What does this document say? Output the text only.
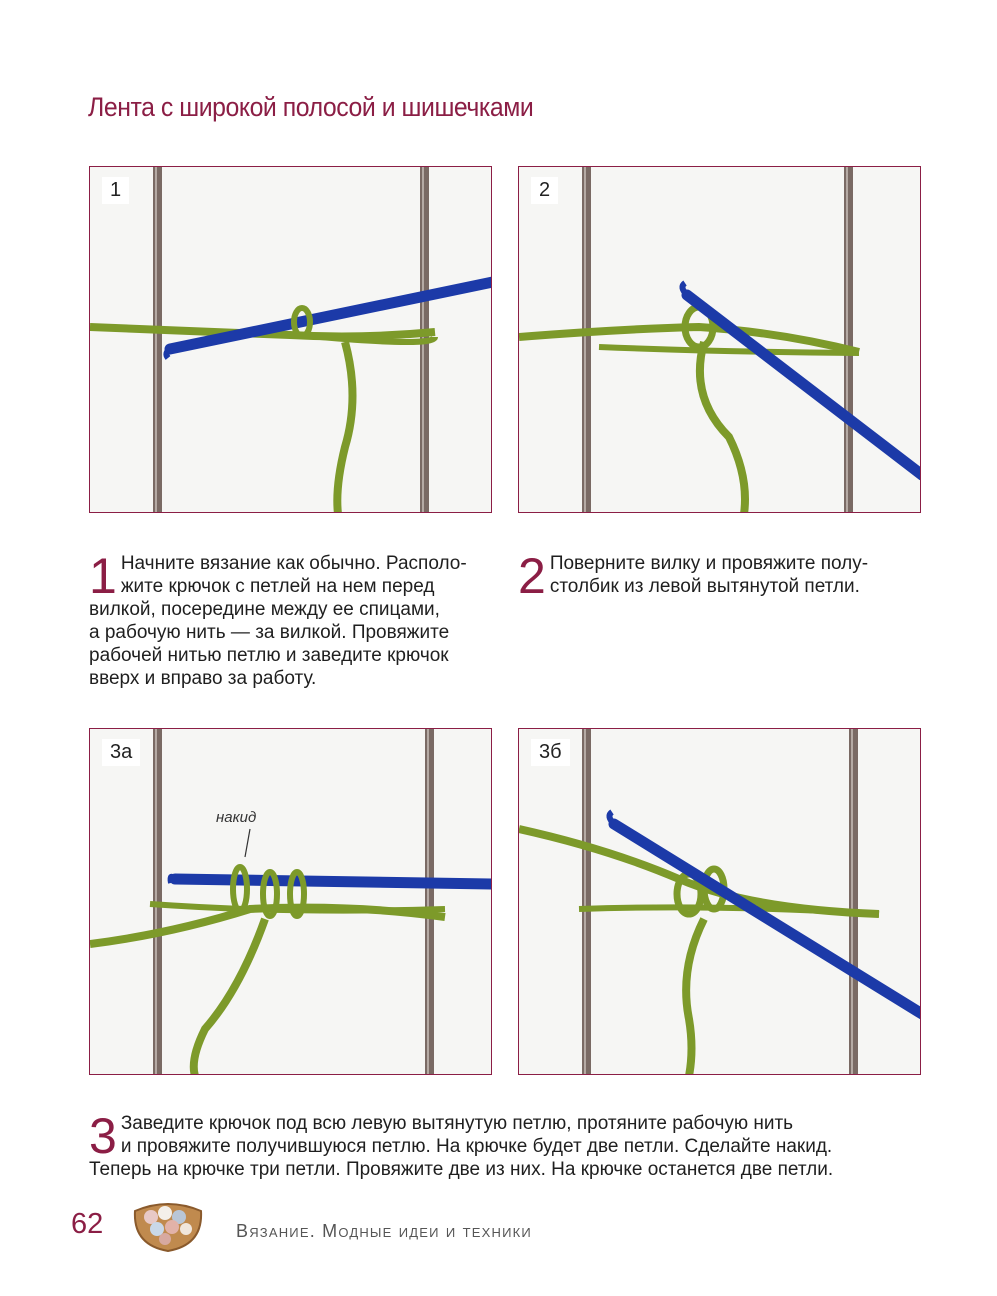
Лента с широкой полосой и шишечками
1	2
1 Начните вязание как обычно. Располо-
жите крючок с петлей на нем перед
вилкой, посередине между ее спицами,
а рабочую нить — за вилкой. Провяжите
рабочей нитью петлю и заведите крючок
вверх и вправо за работу.
2 Поверните вилку и провяжите полу-
столбик из левой вытянутой петли.
3а
накид
3б
3 Заведите крючок под всю левую вытянутую петлю, протяните рабочую нить
и провяжите получившуюся петлю. На крючке будет две петли. Сделайте накид.
Теперь на крючке три петли. Провяжите две из них. На крючке останется две петли.
62	Вязание. Модные идеи и техники
